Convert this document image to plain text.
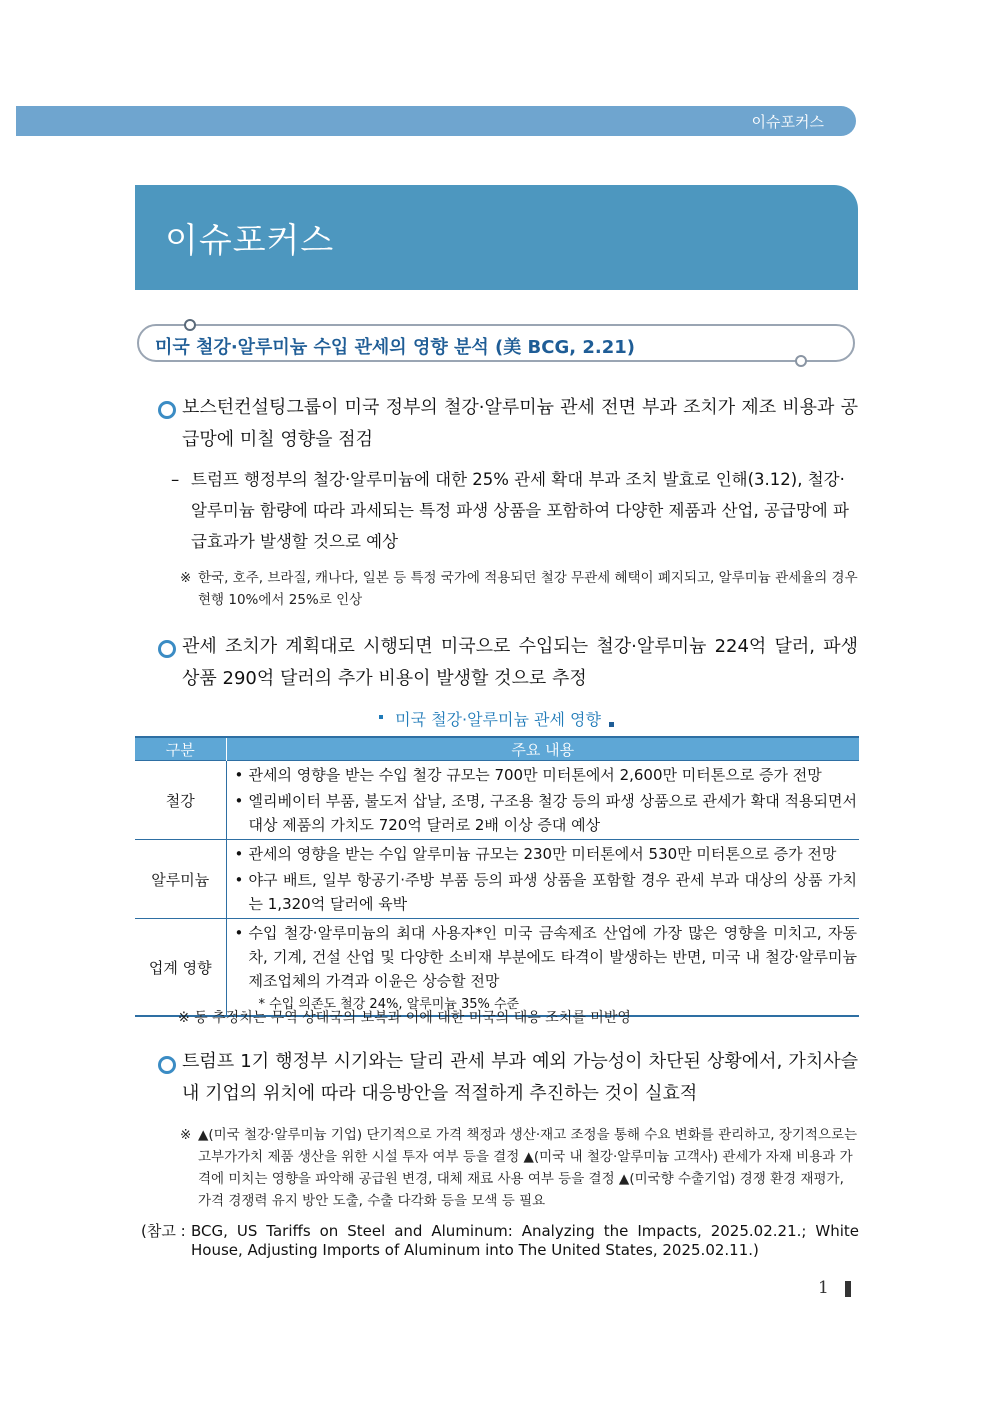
이슈포커스
이슈포커스
미국 철강·알루미늄 수입 관세의 영향 분석 (美 BCG, 2.21)
보스턴컨설팅그룹이 미국 정부의 철강·알루미늄 관세 전면 부과 조치가 제조 비용과 공급망에 미칠 영향을 점검
– 트럼프 행정부의 철강·알루미늄에 대한 25% 관세 확대 부과 조치 발효로 인해(3.12), 철강·알루미늄 함량에 따라 과세되는 특정 파생 상품을 포함하여 다양한 제품과 산업, 공급망에 파급효과가 발생할 것으로 예상
※ 한국, 호주, 브라질, 캐나다, 일본 등 특정 국가에 적용되던 철강 무관세 혜택이 폐지되고, 알루미늄 관세율의 경우 현행 10%에서 25%로 인상
관세 조치가 계획대로 시행되면 미국으로 수입되는 철강·알루미늄 224억 달러, 파생 상품 290억 달러의 추가 비용이 발생할 것으로 추정
미국 철강·알루미늄 관세 영향
구분	주요 내용
철강	• 관세의 영향을 받는 수입 철강 규모는 700만 미터톤에서 2,600만 미터톤으로 증가 전망
• 엘리베이터 부품, 불도저 삽날, 조명, 구조용 철강 등의 파생 상품으로 관세가 확대 적용되면서 대상 제품의 가치도 720억 달러로 2배 이상 증대 예상

알루미늄	• 관세의 영향을 받는 수입 알루미늄 규모는 230만 미터톤에서 530만 미터톤으로 증가 전망
• 야구 배트, 일부 항공기·주방 부품 등의 파생 상품을 포함할 경우 관세 부과 대상의 상품 가치는 1,320억 달러에 육박

업계 영향	• 수입 철강·알루미늄의 최대 사용자*인 미국 금속제조 산업에 가장 많은 영향을 미치고, 자동차, 기계, 건설 산업 및 다양한 소비재 부분에도 타격이 발생하는 반면, 미국 내 철강·알루미늄 제조업체의 가격과 이윤은 상승할 전망
* 수입 의존도 철강 24%, 알루미늄 35% 수준
※ 동 추정치는 무역 상대국의 보복과 이에 대한 미국의 대응 조치를 미반영
트럼프 1기 행정부 시기와는 달리 관세 부과 예외 가능성이 차단된 상황에서, 가치사슬 내 기업의 위치에 따라 대응방안을 적절하게 추진하는 것이 실효적
※ ▲(미국 철강·알루미늄 기업) 단기적으로 가격 책정과 생산·재고 조정을 통해 수요 변화를 관리하고, 장기적으로는 고부가가치 제품 생산을 위한 시설 투자 여부 등을 결정 ▲(미국 내 철강·알루미늄 고객사) 관세가 자재 비용과 가격에 미치는 영향을 파악해 공급원 변경, 대체 재료 사용 여부 등을 결정 ▲(미국향 수출기업) 경쟁 환경 재평가, 가격 경쟁력 유지 방안 도출, 수출 다각화 등을 모색 등 필요
(참고 : BCG, US Tariffs on Steel and Aluminum: Analyzing the Impacts, 2025.02.21.; White House, Adjusting Imports of Aluminum into The United States, 2025.02.11.)
1
